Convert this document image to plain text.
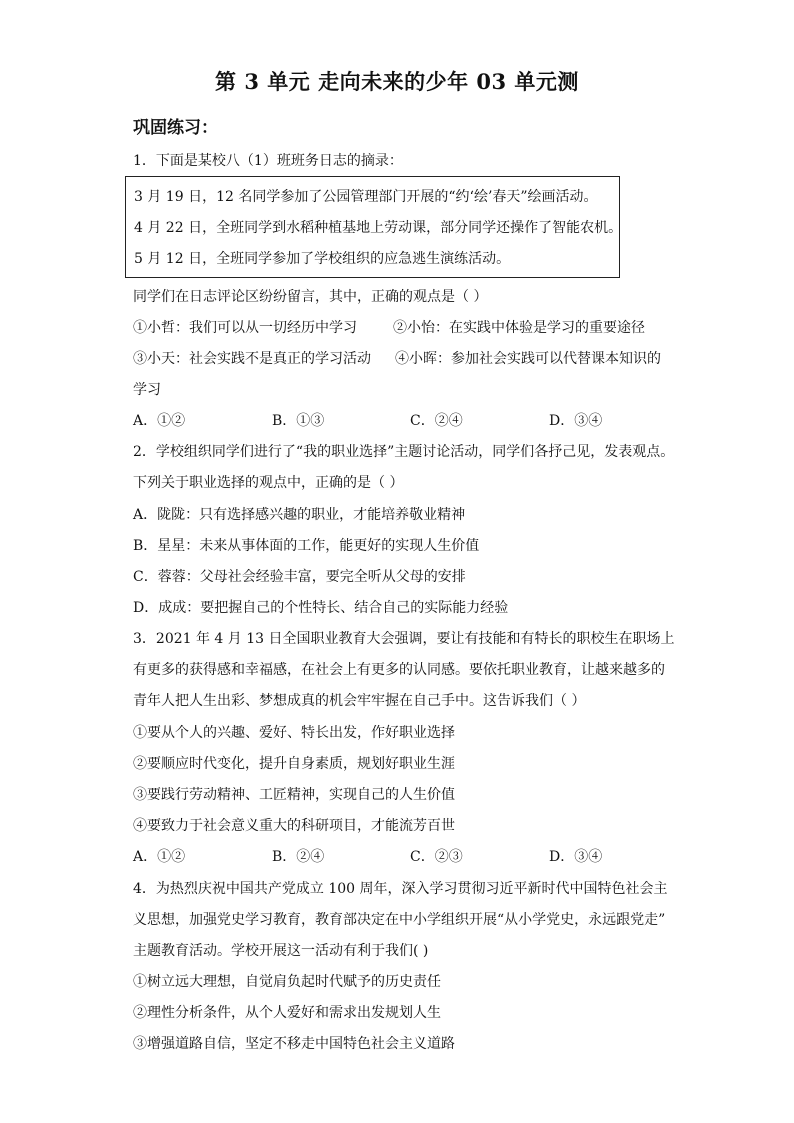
第 3 单元 走向未来的少年 03 单元测
巩固练习：
1．下面是某校八（1）班班务日志的摘录：
3 月 19 日，12 名同学参加了公园管理部门开展的“约‘绘’春天”绘画活动。
4 月 22 日，全班同学到水稻种植基地上劳动课，部分同学还操作了智能农机。
5 月 12 日，全班同学参加了学校组织的应急逃生演练活动。
同学们在日志评论区纷纷留言，其中，正确的观点是（ ）
①小哲：我们可以从一切经历中学习	②小怡：在实践中体验是学习的重要途径
③小天：社会实践不是真正的学习活动 ④小晖：参加社会实践可以代替课本知识的
学习
A．①②	B．①③	C．②④	D．③④
2．学校组织同学们进行了“我的职业选择”主题讨论活动，同学们各抒己见，发表观点。
下列关于职业选择的观点中，正确的是（ ）
A．陇陇：只有选择感兴趣的职业，才能培养敬业精神
B．星星：未来从事体面的工作，能更好的实现人生价值
C．蓉蓉：父母社会经验丰富，要完全听从父母的安排
D．成成：要把握自己的个性特长、结合自己的实际能力经验
3．2021 年 4 月 13 日全国职业教育大会强调，要让有技能和有特长的职校生在职场上
有更多的获得感和幸福感，在社会上有更多的认同感。要依托职业教育，让越来越多的
青年人把人生出彩、梦想成真的机会牢牢握在自己手中。这告诉我们（ ）
①要从个人的兴趣、爱好、特长出发，作好职业选择
②要顺应时代变化，提升自身素质，规划好职业生涯
③要践行劳动精神、工匠精神，实现自己的人生价值
④要致力于社会意义重大的科研项目，才能流芳百世
A．①②	B．②④	C．②③	D．③④
4．为热烈庆祝中国共产党成立 100 周年，深入学习贯彻习近平新时代中国特色社会主
义思想，加强党史学习教育，教育部决定在中小学组织开展“从小学党史，永远跟党走”
主题教育活动。学校开展这一活动有利于我们( )
①树立远大理想，自觉肩负起时代赋予的历史责任
②理性分析条件，从个人爱好和需求出发规划人生
③增强道路自信，坚定不移走中国特色社会主义道路
